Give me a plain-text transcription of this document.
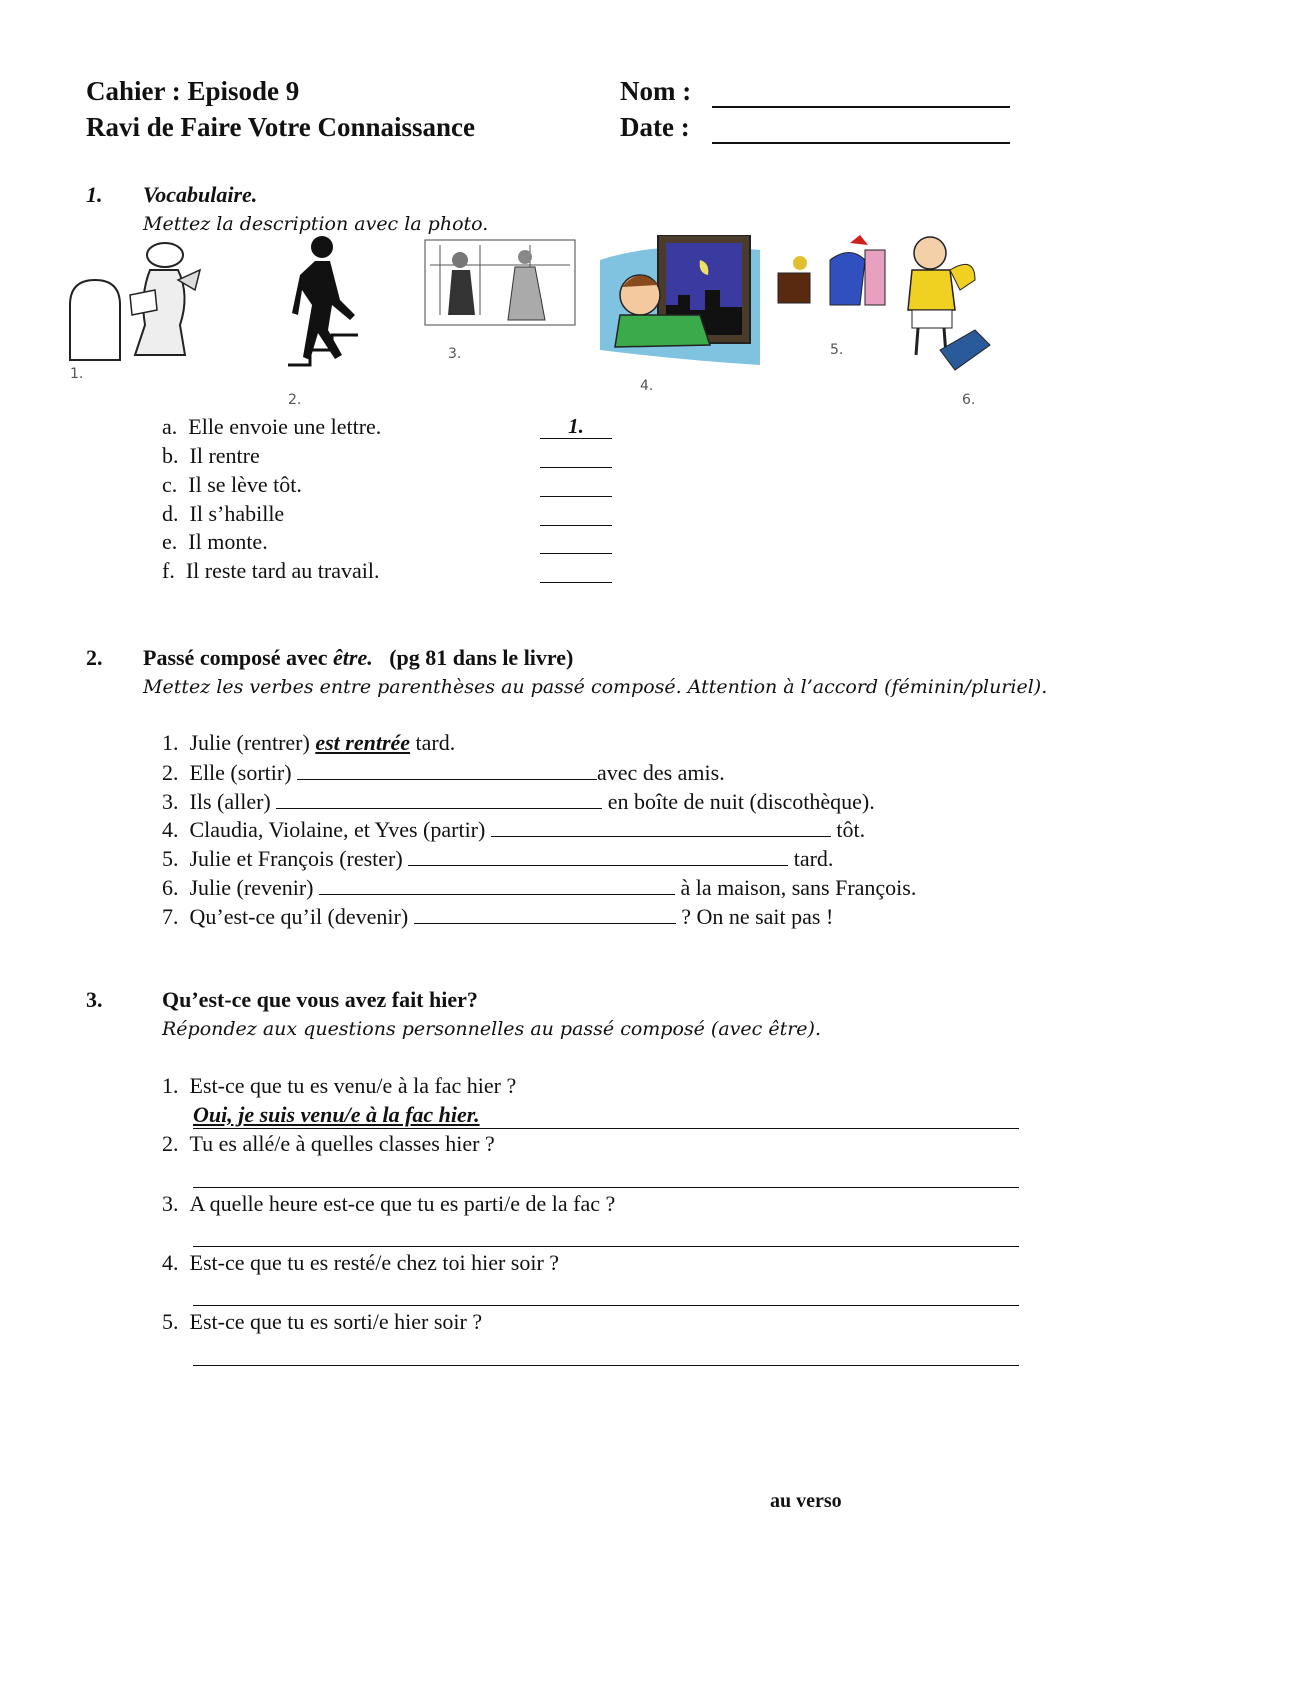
Cahier : Episode 9
Ravi de Faire Votre Connaissance
Nom :
Date :
1. Vocabulaire.
Mettez la description avec la photo.
1.
2.
3.
4.
5.
6.
a. Elle envoie une lettre.	1.
b. Il rentre
c. Il se lève tôt.
d. Il s’habille
e. Il monte.
f. Il reste tard au travail.
2. Passé composé avec être. (pg 81 dans le livre)
Mettez les verbes entre parenthèses au passé composé. Attention à l’accord (féminin/pluriel).
1. Julie (rentrer) est rentrée tard.
2. Elle (sortir)	avec des amis.
3. Ils (aller)	en boîte de nuit (discothèque).
4. Claudia, Violaine, et Yves (partir)	tôt.
5. Julie et François (rester)	tard.
6. Julie (revenir)	à la maison, sans François.
7. Qu’est-ce qu’il (devenir)	? On ne sait pas !
3.	Qu’est-ce que vous avez fait hier?
Répondez aux questions personnelles au passé composé (avec être).
1. Est-ce que tu es venu/e à la fac hier ?
Oui, je suis venu/e à la fac hier.
2. Tu es allé/e à quelles classes hier ?
3. A quelle heure est-ce que tu es parti/e de la fac ?
4. Est-ce que tu es resté/e chez toi hier soir ?
5. Est-ce que tu es sorti/e hier soir ?
au verso
